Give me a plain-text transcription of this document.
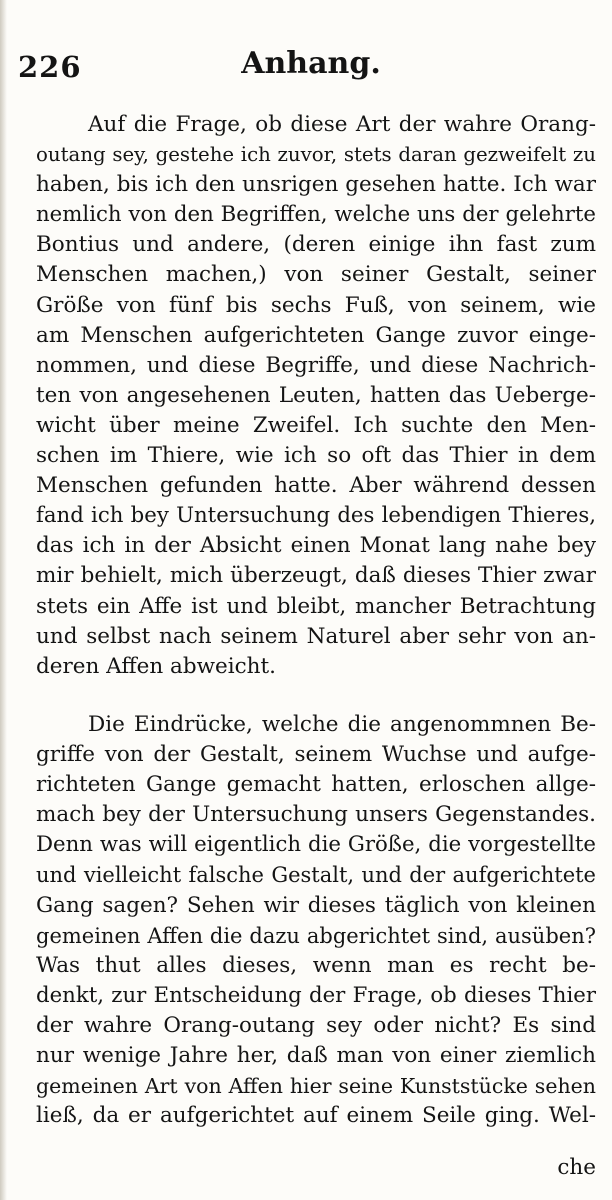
226	Anhang.
Auf die Frage, ob diese Art der wahre Orang-
outang sey, gestehe ich zuvor, stets daran gezweifelt zu
haben, bis ich den unsrigen gesehen hatte. Ich war
nemlich von den Begriffen, welche uns der gelehrte
Bontius und andere, (deren einige ihn fast zum
Menschen machen,) von seiner Gestalt, seiner
Größe von fünf bis sechs Fuß, von seinem, wie
am Menschen aufgerichteten Gange zuvor einge-
nommen, und diese Begriffe, und diese Nachrich-
ten von angesehenen Leuten, hatten das Ueberge-
wicht über meine Zweifel. Ich suchte den Men-
schen im Thiere, wie ich so oft das Thier in dem
Menschen gefunden hatte. Aber während dessen
fand ich bey Untersuchung des lebendigen Thieres,
das ich in der Absicht einen Monat lang nahe bey
mir behielt, mich überzeugt, daß dieses Thier zwar
stets ein Affe ist und bleibt, mancher Betrachtung
und selbst nach seinem Naturel aber sehr von an-
deren Affen abweicht.
Die Eindrücke, welche die angenommnen Be-
griffe von der Gestalt, seinem Wuchse und aufge-
richteten Gange gemacht hatten, erloschen allge-
mach bey der Untersuchung unsers Gegenstandes.
Denn was will eigentlich die Größe, die vorgestellte
und vielleicht falsche Gestalt, und der aufgerichtete
Gang sagen? Sehen wir dieses täglich von kleinen
gemeinen Affen die dazu abgerichtet sind, ausüben?
Was thut alles dieses, wenn man es recht be-
denkt, zur Entscheidung der Frage, ob dieses Thier
der wahre Orang-outang sey oder nicht? Es sind
nur wenige Jahre her, daß man von einer ziemlich
gemeinen Art von Affen hier seine Kunststücke sehen
ließ, da er aufgerichtet auf einem Seile ging. Wel-
che
